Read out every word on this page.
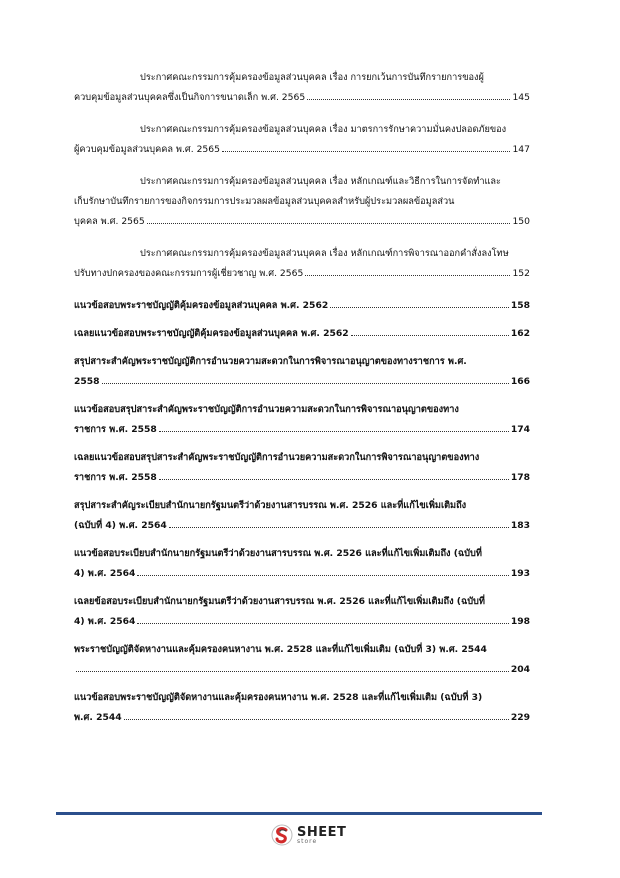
ประกาศคณะกรรมการคุ้มครองข้อมูลส่วนบุคคล เรื่อง การยกเว้นการบันทึกรายการของผู้
ควบคุมข้อมูลส่วนบุคคลซึ่งเป็นกิจการขนาดเล็ก พ.ศ. 2565	145
ประกาศคณะกรรมการคุ้มครองข้อมูลส่วนบุคคล เรื่อง มาตรการรักษาความมั่นคงปลอดภัยของ
ผู้ควบคุมข้อมูลส่วนบุคคล พ.ศ. 2565	147
ประกาศคณะกรรมการคุ้มครองข้อมูลส่วนบุคคล เรื่อง หลักเกณฑ์และวิธีการในการจัดทำและ
เก็บรักษาบันทึกรายการของกิจกรรมการประมวลผลข้อมูลส่วนบุคคลสำหรับผู้ประมวลผลข้อมูลส่วน
บุคคล พ.ศ. 2565	150
ประกาศคณะกรรมการคุ้มครองข้อมูลส่วนบุคคล เรื่อง หลักเกณฑ์การพิจารณาออกคำสั่งลงโทษ
ปรับทางปกครองของคณะกรรมการผู้เชี่ยวชาญ พ.ศ. 2565	152
แนวข้อสอบพระราชบัญญัติคุ้มครองข้อมูลส่วนบุคคล พ.ศ. 2562	158
เฉลยแนวข้อสอบพระราชบัญญัติคุ้มครองข้อมูลส่วนบุคคล พ.ศ. 2562	162
สรุปสาระสำคัญพระราชบัญญัติการอำนวยความสะดวกในการพิจารณาอนุญาตของทางราชการ พ.ศ.
2558	166
แนวข้อสอบสรุปสาระสำคัญพระราชบัญญัติการอำนวยความสะดวกในการพิจารณาอนุญาตของทาง
ราชการ พ.ศ. 2558	174
เฉลยแนวข้อสอบสรุปสาระสำคัญพระราชบัญญัติการอำนวยความสะดวกในการพิจารณาอนุญาตของทาง
ราชการ พ.ศ. 2558	178
สรุปสาระสำคัญระเบียบสำนักนายกรัฐมนตรีว่าด้วยงานสารบรรณ พ.ศ. 2526 และที่แก้ไขเพิ่มเติมถึง
(ฉบับที่ 4) พ.ศ. 2564	183
แนวข้อสอบระเบียบสำนักนายกรัฐมนตรีว่าด้วยงานสารบรรณ พ.ศ. 2526 และที่แก้ไขเพิ่มเติมถึง (ฉบับที่
4) พ.ศ. 2564	193
เฉลยข้อสอบระเบียบสำนักนายกรัฐมนตรีว่าด้วยงานสารบรรณ พ.ศ. 2526 และที่แก้ไขเพิ่มเติมถึง (ฉบับที่
4) พ.ศ. 2564	198
พระราชบัญญัติจัดหางานและคุ้มครองคนหางาน พ.ศ. 2528 และที่แก้ไขเพิ่มเติม (ฉบับที่ 3) พ.ศ. 2544
204
แนวข้อสอบพระราชบัญญัติจัดหางานและคุ้มครองคนหางาน พ.ศ. 2528 และที่แก้ไขเพิ่มเติม (ฉบับที่ 3)
พ.ศ. 2544	229
SHEET
store
